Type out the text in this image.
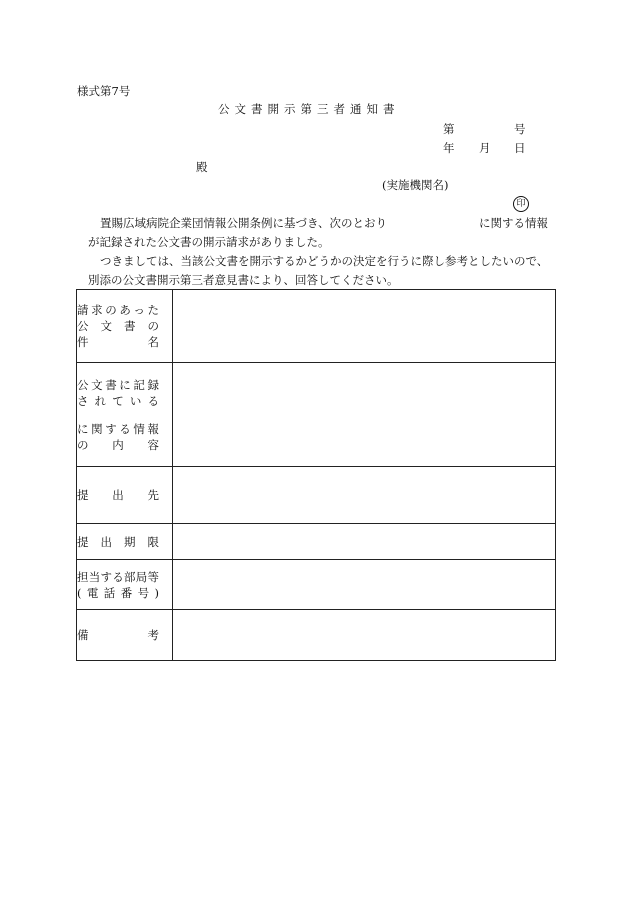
様式第7号
公文書開示第三者通知書
第	号
年 月 日
殿
(実施機関名)
印
置賜広域病院企業団情報公開条例に基づき、次のとおり	に関する情報
が記録された公文書の開示請求がありました。
つきましては、当該公文書を開示するかどうかの決定を行うに際し参考としたいので、
別添の公文書開示第三者意見書により、回答してください。
請求のあった
公文書の
件名	

公文書に記録
されている
に関する情報
の内容	

提出先	

提出期限	

担当する部局等
(電話番号)	

備考	
